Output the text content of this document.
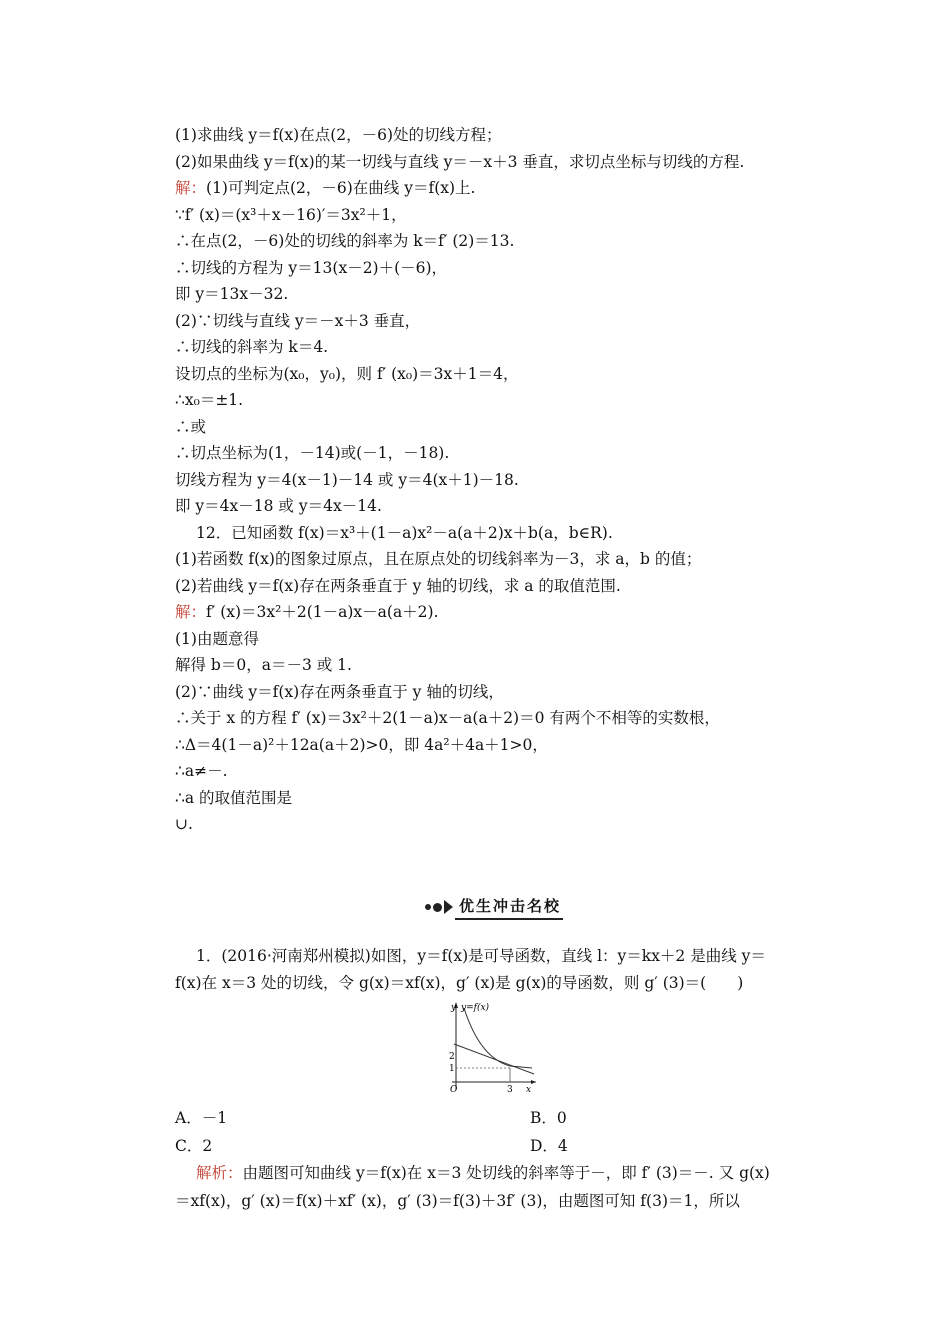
(1)求曲线 y＝f(x)在点(2，－6)处的切线方程；
(2)如果曲线 y＝f(x)的某一切线与直线 y＝－x＋3 垂直，求切点坐标与切线的方程.
解：(1)可判定点(2，－6)在曲线 y＝f(x)上.
∵f′ (x)＝(x³＋x－16)′＝3x²＋1，
∴在点(2，－6)处的切线的斜率为 k＝f′ (2)＝13.
∴切线的方程为 y＝13(x－2)＋(－6)，
即 y＝13x－32.
(2)∵切线与直线 y＝－x＋3 垂直，
∴切线的斜率为 k＝4.
设切点的坐标为(x₀，y₀)，则 f′ (x₀)＝3x＋1＝4，
∴x₀＝±1.
∴或
∴切点坐标为(1，－14)或(－1，－18).
切线方程为 y＝4(x－1)－14 或 y＝4(x＋1)－18.
即 y＝4x－18 或 y＝4x－14.
12．已知函数 f(x)＝x³＋(1－a)x²－a(a＋2)x＋b(a，b∈R).
(1)若函数 f(x)的图象过原点，且在原点处的切线斜率为－3，求 a，b 的值；
(2)若曲线 y＝f(x)存在两条垂直于 y 轴的切线，求 a 的取值范围.
解：f′ (x)＝3x²＋2(1－a)x－a(a＋2).
(1)由题意得
解得 b＝0，a＝－3 或 1.
(2)∵曲线 y＝f(x)存在两条垂直于 y 轴的切线，
∴关于 x 的方程 f′ (x)＝3x²＋2(1－a)x－a(a＋2)＝0 有两个不相等的实数根，
∴Δ＝4(1－a)²＋12a(a＋2)>0，即 4a²＋4a＋1>0，
∴a≠－.
∴a 的取值范围是
∪.
优生冲击名校
1．(2016·河南郑州模拟)如图，y＝f(x)是可导函数，直线 l：y＝kx＋2 是曲线 y＝
f(x)在 x＝3 处的切线，令 g(x)＝xf(x)，g′ (x)是 g(x)的导函数，则 g′ (3)＝(　　)
y y=f(x)
2
1
O	3 x
A．－1	B．0
C．2	D．4
解析：由题图可知曲线 y＝f(x)在 x＝3 处切线的斜率等于－，即 f′ (3)＝－. 又 g(x)
＝xf(x)，g′ (x)＝f(x)＋xf′ (x)，g′ (3)＝f(3)＋3f′ (3)，由题图可知 f(3)＝1，所以
